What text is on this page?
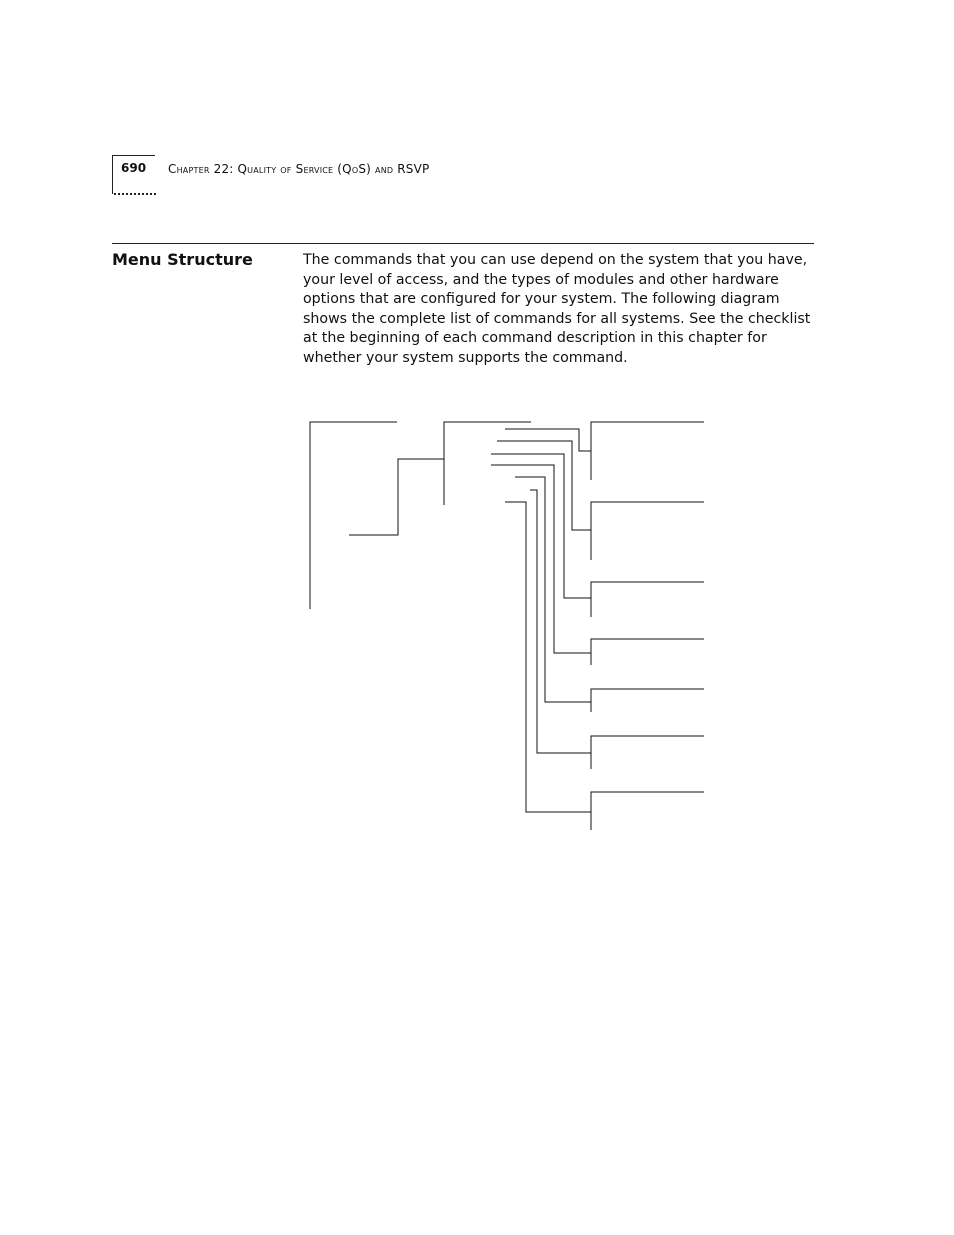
690 Chapter 22: Quality of Service (QoS) and RSVP
Menu Structure	The commands that you can use depend on the system that you have, your level of access, and the types of modules and other hardware options that are configured for your system. The following diagram shows the complete list of commands for all systems. See the checklist at the beginning of each command description in this chapter for whether your system supports the command.
